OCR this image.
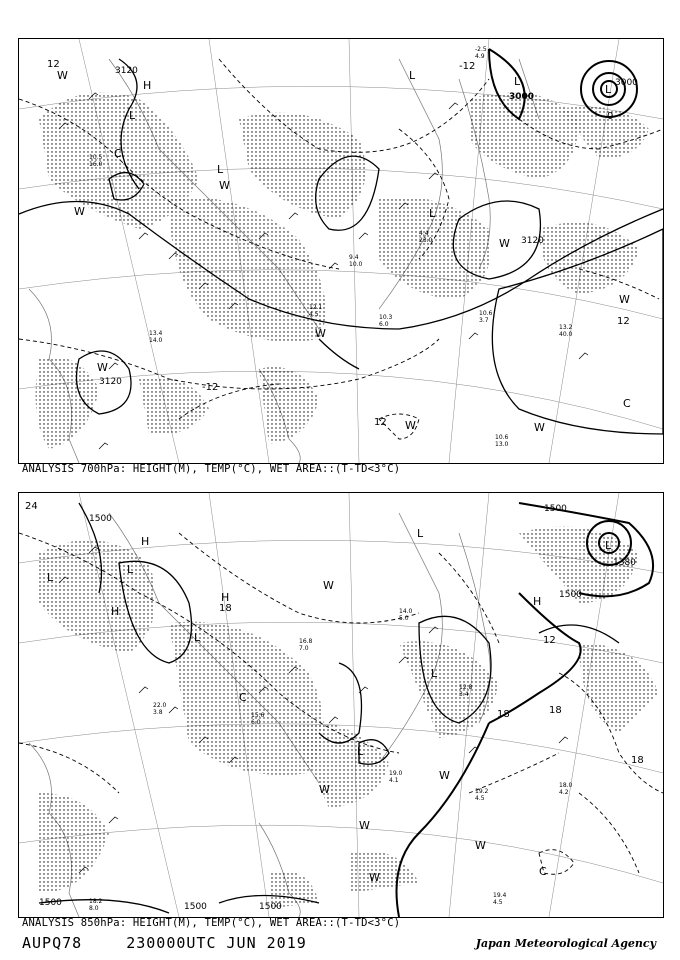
3120
3000
3000
3120
3120	-12
12
0
12
12
-12
L
L
L
L
L
L
H
W
W
W
W
W
W
W
C
C
W
W
10.6
3.7
13.2
40.0
10.6
13.0
4.4
23.0
13.4
14.0
10.5
16.0
-2.5
4.9
12.1
4.5	10.3
6.0
9.4
10.0
ANALYSIS 700hPa: HEIGHT(M), TEMP(°C), WET AREA::(T-TD<3°C)
1500
1500
1380
1500
1500	1500
1500
24
18
12
18	18
18
L
L
L
L
L
L
L
H
H
H	H
W
W
W
W
W	C
C
W	19.2
4.5
18.0
4.2
19.4
4.5
19.0
4.1
18.2
8.0
22.0
3.8	15.6
6.0
12.8
3.4
14.0
5.0
16.8
7.0
ANALYSIS 850hPa: HEIGHT(M), TEMP(°C), WET AREA::(T-TD<3°C)
AUPQ78	230000UTC JUN 2019	Japan Meteorological Agency
